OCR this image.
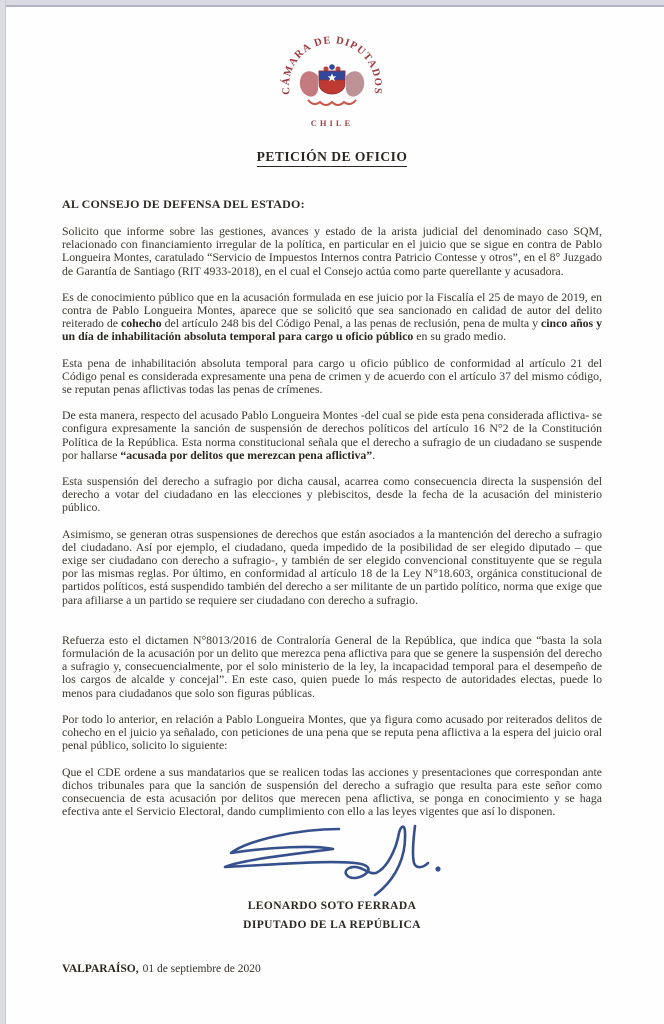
CÁMARA DE DIPUTADOS
CHILE
PETICIÓN DE OFICIO

AL CONSEJO DE DEFENSA DEL ESTADO:

Solicito que informe sobre las gestiones, avances y estado de la arista judicial del denominado caso SQM, relacionado con financiamiento irregular de la política, en particular en el juicio que se sigue en contra de Pablo Longueira Montes, caratulado “Servicio de Impuestos Internos contra Patricio Contesse y otros”, en el 8° Juzgado de Garantía de Santiago (RIT 4933-2018), en el cual el Consejo actúa como parte querellante y acusadora.

Es de conocimiento público que en la acusación formulada en ese juicio por la Fiscalía el 25 de mayo de 2019, en contra de Pablo Longueira Montes, aparece que se solicitó que sea sancionado en calidad de autor del delito reiterado de cohecho del artículo 248 bis del Código Penal, a las penas de reclusión, pena de multa y cinco años y un día de inhabilitación absoluta temporal para cargo u oficio público en su grado medio.

Esta pena de inhabilitación absoluta temporal para cargo u oficio público de conformidad al artículo 21 del Código penal es considerada expresamente una pena de crimen y de acuerdo con el artículo 37 del mismo código, se reputan penas aflictivas todas las penas de crímenes.

De esta manera, respecto del acusado Pablo Longueira Montes -del cual se pide esta pena considerada aflictiva- se configura expresamente la sanción de suspensión de derechos políticos del artículo 16 N°2 de la Constitución Política de la República. Esta norma constitucional señala que el derecho a sufragio de un ciudadano se suspende por hallarse “acusada por delitos que merezcan pena aflictiva”.

Esta suspensión del derecho a sufragio por dicha causal, acarrea como consecuencia directa la suspensión del derecho a votar del ciudadano en las elecciones y plebiscitos, desde la fecha de la acusación del ministerio público.

Asimismo, se generan otras suspensiones de derechos que están asociados a la mantención del derecho a sufragio del ciudadano. Así por ejemplo, el ciudadano, queda impedido de la posibilidad de ser elegido diputado – que exige ser ciudadano con derecho a sufragio-, y también de ser elegido convencional constituyente que se regula por las mismas reglas. Por último, en conformidad al artículo 18 de la Ley N°18.603, orgánica constitucional de partidos políticos, está suspendido también del derecho a ser militante de un partido político, norma que exige que para afiliarse a un partido se requiere ser ciudadano con derecho a sufragio.

Refuerza esto el dictamen N°8013/2016 de Contraloría General de la República, que indica que “basta la sola formulación de la acusación por un delito que merezca pena aflictiva para que se genere la suspensión del derecho a sufragio y, consecuencialmente, por el solo ministerio de la ley, la incapacidad temporal para el desempeño de los cargos de alcalde y concejal”. En este caso, quien puede lo más respecto de autoridades electas, puede lo menos para ciudadanos que solo son figuras públicas.

Por todo lo anterior, en relación a Pablo Longueira Montes, que ya figura como acusado por reiterados delitos de cohecho en el juicio ya señalado, con peticiones de una pena que se reputa pena aflictiva a la espera del juicio oral penal público, solicito lo siguiente:

Que el CDE ordene a sus mandatarios que se realicen todas las acciones y presentaciones que correspondan ante dichos tribunales para que la sanción de suspensión del derecho a sufragio que resulta para este señor como consecuencia de esta acusación por delitos que merecen pena aflictiva, se ponga en conocimiento y se haga efectiva ante el Servicio Electoral, dando cumplimiento con ello a las leyes vigentes que así lo disponen.

LEONARDO SOTO FERRADA
DIPUTADO DE LA REPÚBLICA

VALPARAÍSO, 01 de septiembre de 2020
